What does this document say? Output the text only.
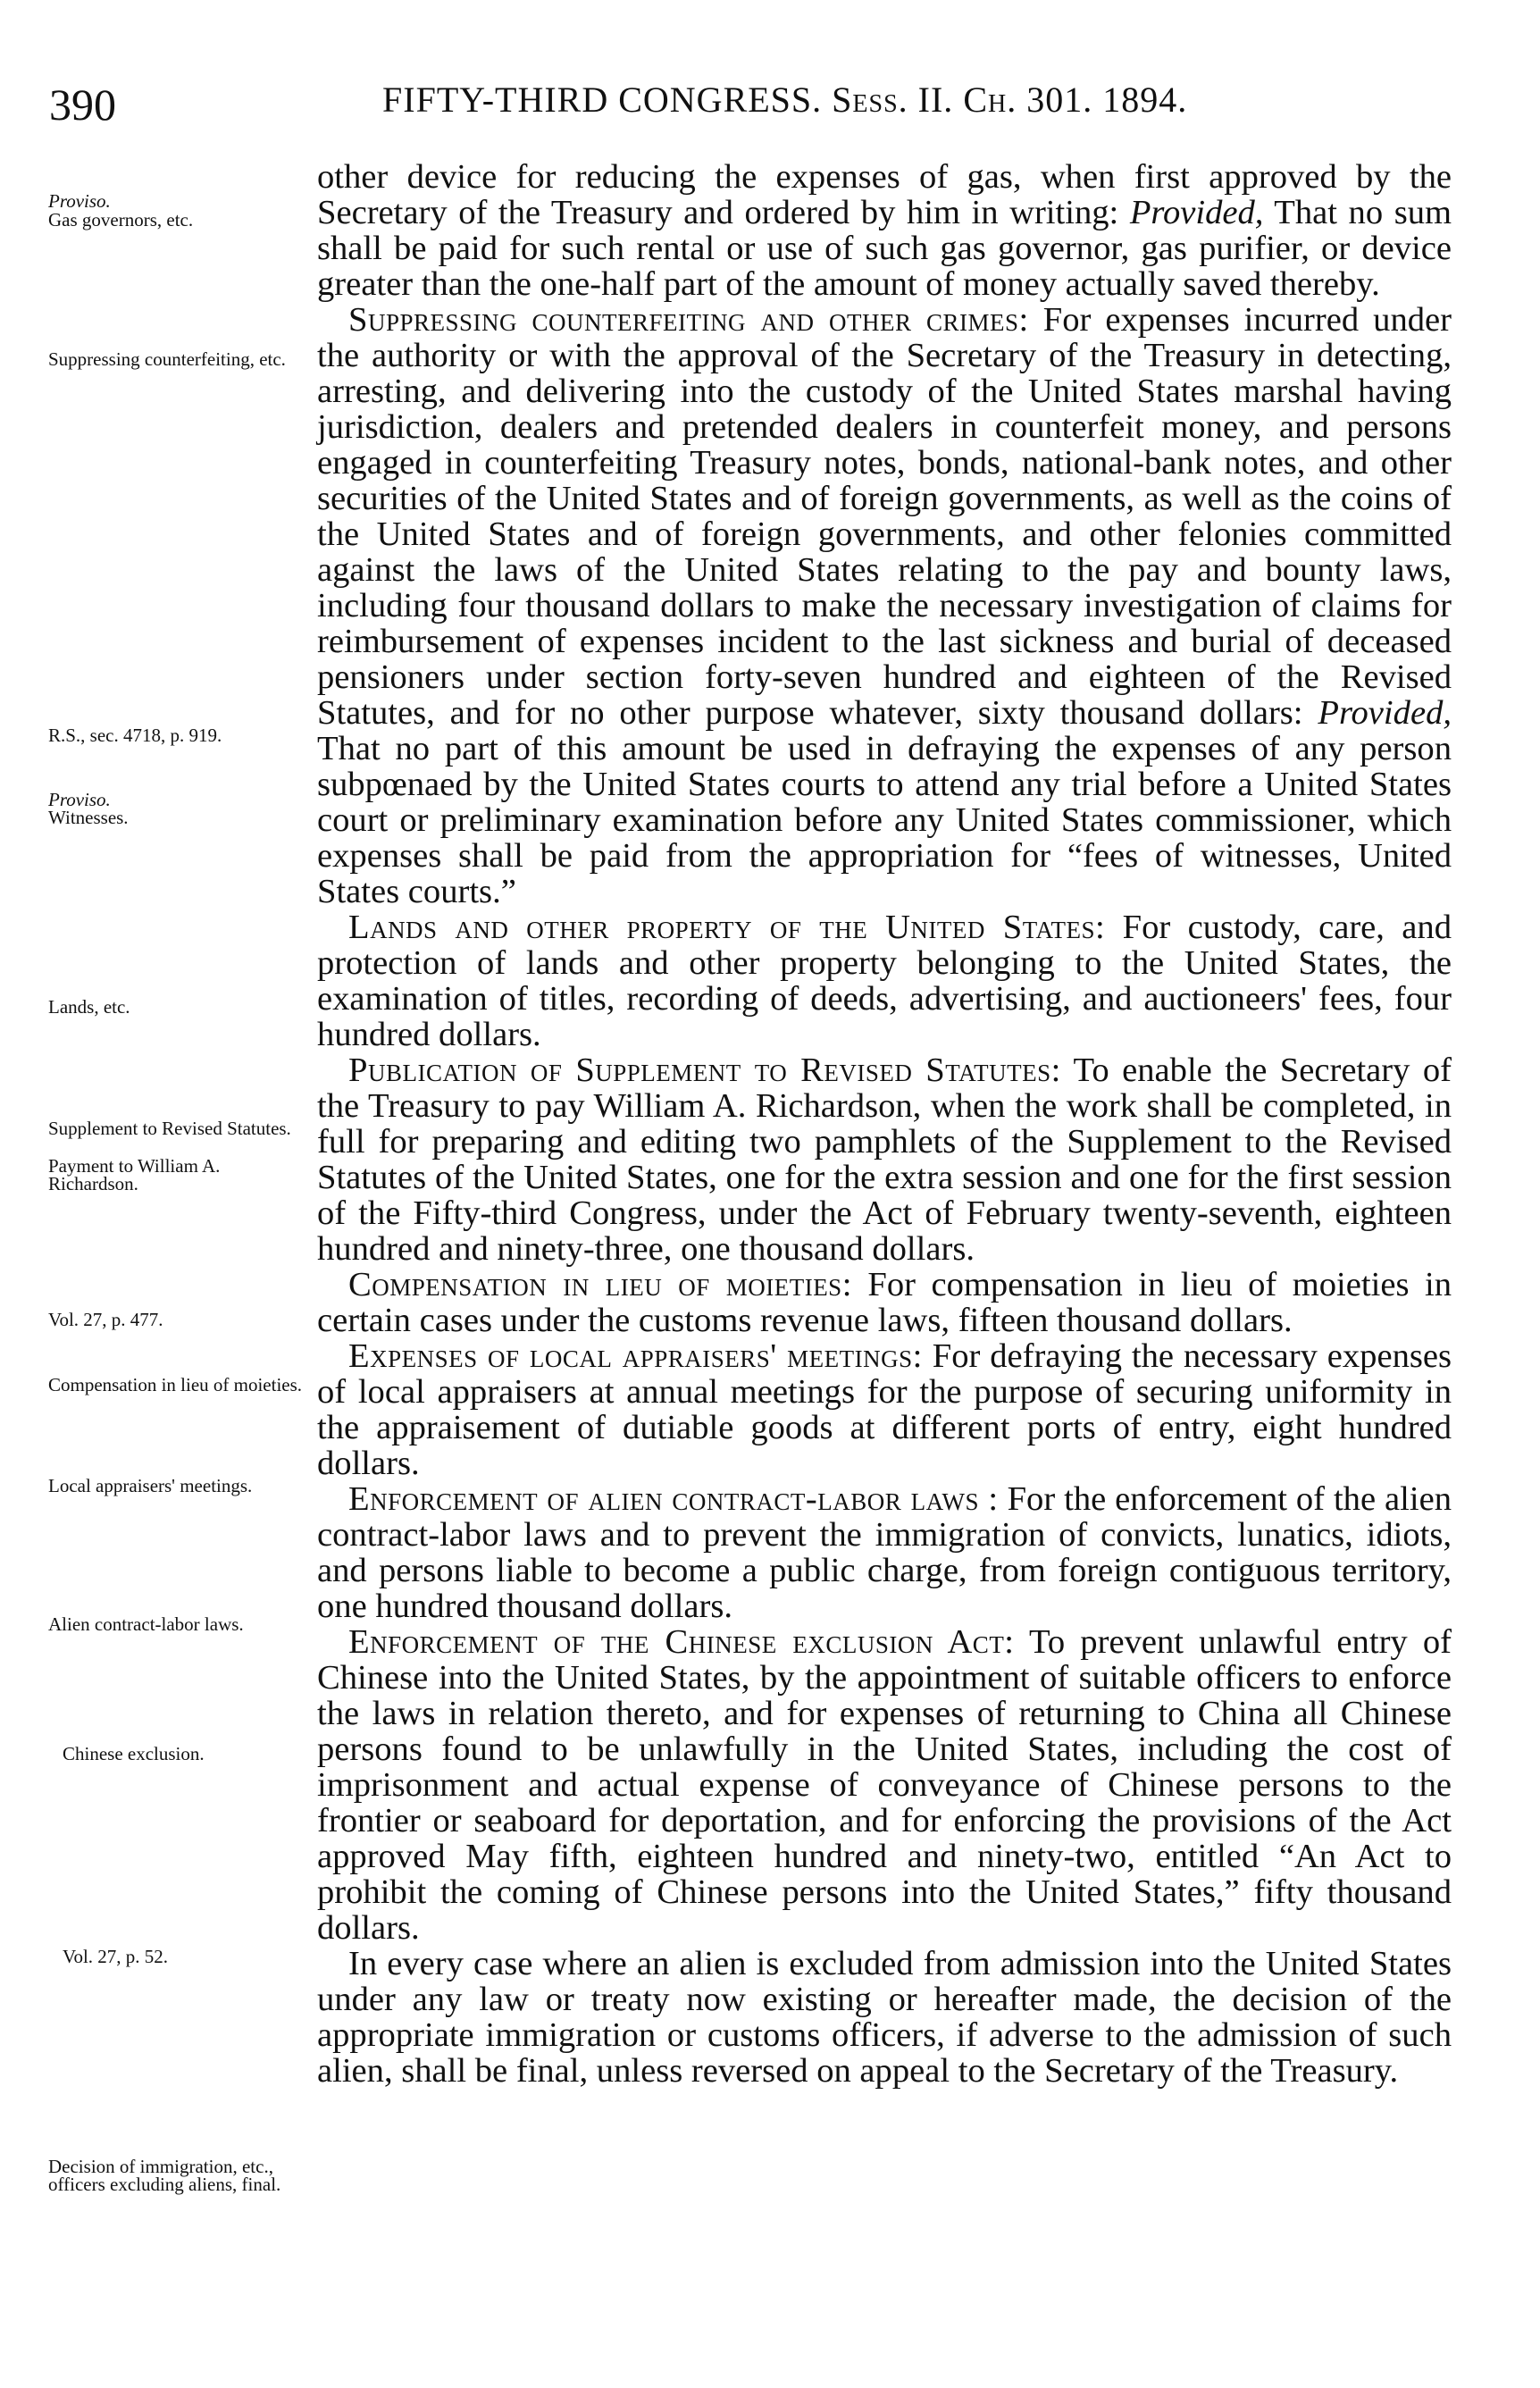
390	FIFTY-THIRD CONGRESS. Sess. II. Ch. 301. 1894.
Proviso.
Gas governors, etc.
Suppressing counterfeiting, etc.
R.S., sec. 4718, p. 919.
Proviso.
Witnesses.
Lands, etc.
Supplement to Revised Statutes.
Payment to William A. Richardson.
Vol. 27, p. 477.
Compensation in lieu of moieties.
Local appraisers' meetings.
Alien contract-labor laws.
Chinese exclusion.
Vol. 27, p. 52.
Decision of immigration, etc., officers excluding aliens, final.

other device for reducing the expenses of gas, when first approved by the Secretary of the Treasury and ordered by him in writing: Provided, That no sum shall be paid for such rental or use of such gas governor, gas purifier, or device greater than the one-half part of the amount of money actually saved thereby.

Suppressing counterfeiting and other crimes: For expenses incurred under the authority or with the approval of the Secretary of the Treasury in detecting, arresting, and delivering into the custody of the United States marshal having jurisdiction, dealers and pretended dealers in counterfeit money, and persons engaged in counterfeiting Treasury notes, bonds, national-bank notes, and other securities of the United States and of foreign governments, as well as the coins of the United States and of foreign governments, and other felonies committed against the laws of the United States relating to the pay and bounty laws, including four thousand dollars to make the necessary investigation of claims for reimbursement of expenses incident to the last sickness and burial of deceased pensioners under section forty-seven hundred and eighteen of the Revised Statutes, and for no other purpose whatever, sixty thousand dollars: Provided, That no part of this amount be used in defraying the expenses of any person subpœnaed by the United States courts to attend any trial before a United States court or preliminary examination before any United States commissioner, which expenses shall be paid from the appropriation for “fees of witnesses, United States courts.”

Lands and other property of the United States: For custody, care, and protection of lands and other property belonging to the United States, the examination of titles, recording of deeds, advertising, and auctioneers' fees, four hundred dollars.

Publication of Supplement to Revised Statutes: To enable the Secretary of the Treasury to pay William A. Richardson, when the work shall be completed, in full for preparing and editing two pamphlets of the Supplement to the Revised Statutes of the United States, one for the extra session and one for the first session of the Fifty-third Congress, under the Act of February twenty-seventh, eighteen hundred and ninety-three, one thousand dollars.

Compensation in lieu of moieties: For compensation in lieu of moieties in certain cases under the customs revenue laws, fifteen thousand dollars.

Expenses of local appraisers' meetings: For defraying the necessary expenses of local appraisers at annual meetings for the purpose of securing uniformity in the appraisement of dutiable goods at different ports of entry, eight hundred dollars.

Enforcement of alien contract-labor laws : For the enforcement of the alien contract-labor laws and to prevent the immigration of convicts, lunatics, idiots, and persons liable to become a public charge, from foreign contiguous territory, one hundred thousand dollars.

Enforcement of the Chinese exclusion Act: To prevent unlawful entry of Chinese into the United States, by the appointment of suitable officers to enforce the laws in relation thereto, and for expenses of returning to China all Chinese persons found to be unlawfully in the United States, including the cost of imprisonment and actual expense of conveyance of Chinese persons to the frontier or seaboard for deportation, and for enforcing the provisions of the Act approved May fifth, eighteen hundred and ninety-two, entitled “An Act to prohibit the coming of Chinese persons into the United States,” fifty thousand dollars.

In every case where an alien is excluded from admission into the United States under any law or treaty now existing or hereafter made, the decision of the appropriate immigration or customs officers, if adverse to the admission of such alien, shall be final, unless reversed on appeal to the Secretary of the Treasury.
